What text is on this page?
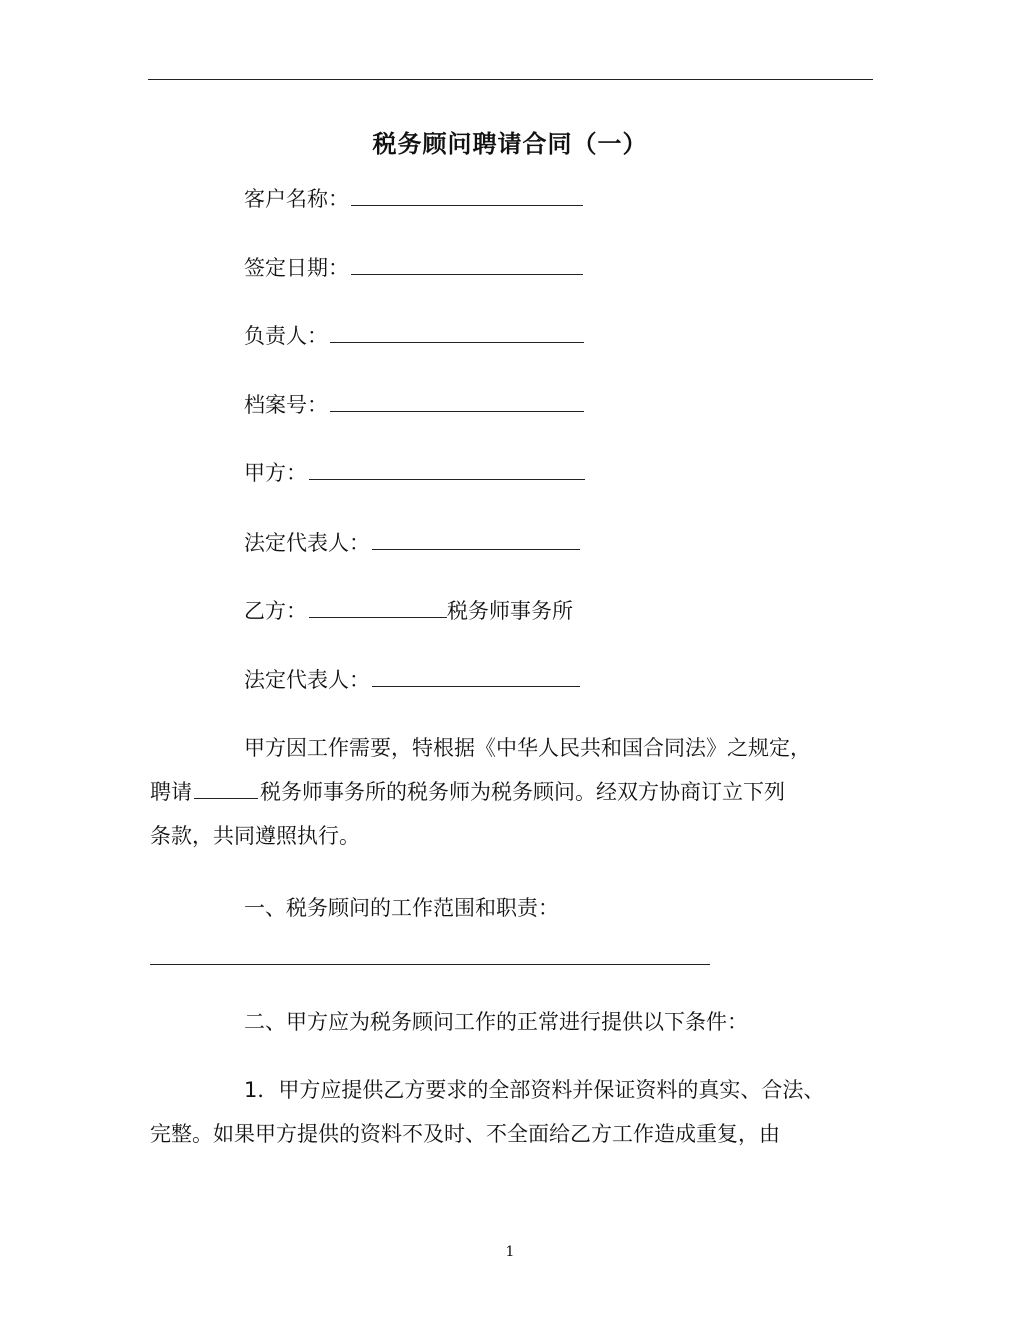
税务顾问聘请合同（一）
客户名称：
签定日期：
负责人：
档案号：
甲方：
法定代表人：
乙方：	税务师事务所
法定代表人：
甲方因工作需要，特根据《中华人民共和国合同法》之规定，
聘请	税务师事务所的税务师为税务顾问。经双方协商订立下列
条款，共同遵照执行。
一、税务顾问的工作范围和职责：
二、甲方应为税务顾问工作的正常进行提供以下条件：
1．甲方应提供乙方要求的全部资料并保证资料的真实、合法、
完整。如果甲方提供的资料不及时、不全面给乙方工作造成重复，由
1
